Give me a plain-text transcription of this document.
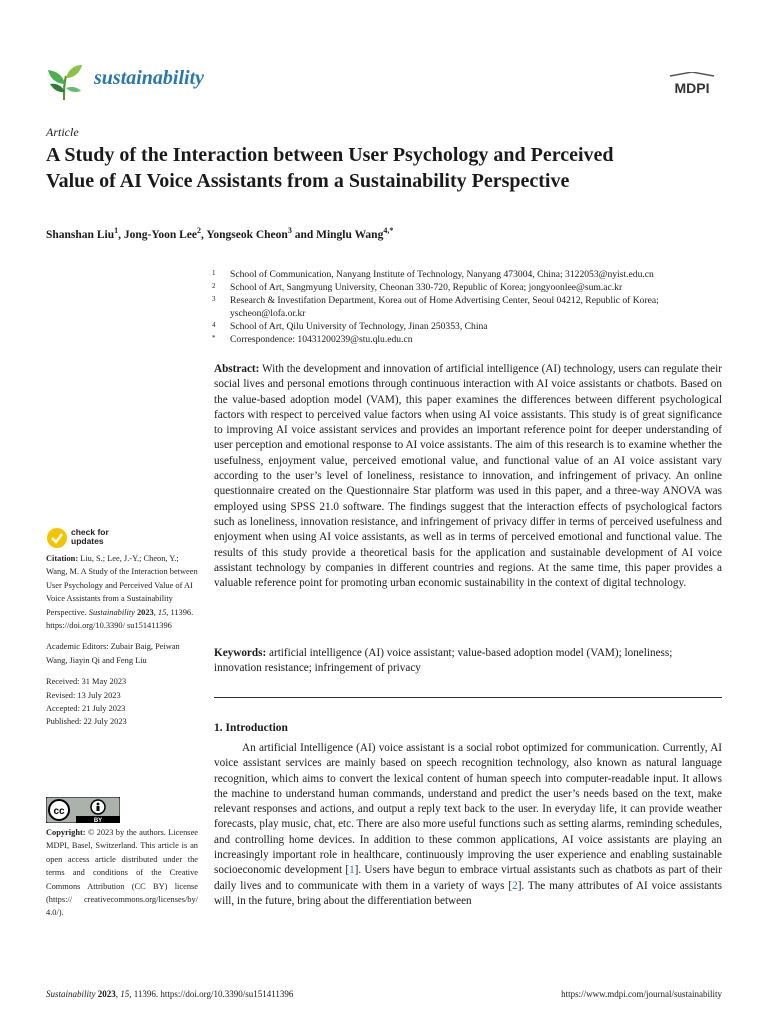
sustainability	MDPI
Article
A Study of the Interaction between User Psychology and Perceived Value of AI Voice Assistants from a Sustainability Perspective
Shanshan Liu$^1$, Jong-Yoon Lee$^2$, Yongseok Cheon$^3$ and Minglu Wang$^{4,*}$
1	School of Communication, Nanyang Institute of Technology, Nanyang 473004, China; 3122053@nyist.edu.cn
2	School of Art, Sangmyung University, Cheonan 330-720, Republic of Korea; jongyoonlee@sum.ac.kr
3	Research & Investifation Department, Korea out of Home Advertising Center, Seoul 04212, Republic of Korea; yscheon@lofa.or.kr
4	School of Art, Qilu University of Technology, Jinan 250353, China
*	Correspondence: 10431200239@stu.qlu.edu.cn
Abstract: With the development and innovation of artificial intelligence (AI) technology, users can regulate their social lives and personal emotions through continuous interaction with AI voice assistants or chatbots. Based on the value-based adoption model (VAM), this paper examines the differences between different psychological factors with respect to perceived value factors when using AI voice assistants. This study is of great significance to improving AI voice assistant services and provides an important reference point for deeper understanding of user perception and emotional response to AI voice assistants. The aim of this research is to examine whether the usefulness, enjoyment value, perceived emotional value, and functional value of an AI voice assistant vary according to the user’s level of loneliness, resistance to innovation, and infringement of privacy. An online questionnaire created on the Questionnaire Star platform was used in this paper, and a three-way ANOVA was employed using SPSS 21.0 software. The findings suggest that the interaction effects of psychological factors such as loneliness, innovation resistance, and infringement of privacy differ in terms of perceived usefulness and enjoyment when using AI voice assistants, as well as in terms of perceived emotional and functional value. The results of this study provide a theoretical basis for the application and sustainable development of AI voice assistant technology by companies in different countries and regions. At the same time, this paper provides a valuable reference point for promoting urban economic sustainability in the context of digital technology.
Keywords: artificial intelligence (AI) voice assistant; value-based adoption model (VAM); loneliness; innovation resistance; infringement of privacy
check for
updates
Citation: Liu, S.; Lee, J.-Y.; Cheon, Y.; Wang, M. A Study of the Interaction between User Psychology and Perceived Value of AI Voice Assistants from a Sustainability Perspective. Sustainability 2023, 15, 11396. https://doi.org/10.3390/ su151411396
Academic Editors: Zubair Baig, Peiwan Wang, Jiayin Qi and Feng Liu
Received: 31 May 2023
Revised: 13 July 2023
Accepted: 21 July 2023
Published: 22 July 2023
cc
BY
Copyright: © 2023 by the authors. Licensee MDPI, Basel, Switzerland. This article is an open access article distributed under the terms and conditions of the Creative Commons Attribution (CC BY) license (https:// creativecommons.org/licenses/by/ 4.0/).
1. Introduction
An artificial Intelligence (AI) voice assistant is a social robot optimized for communication. Currently, AI voice assistant services are mainly based on speech recognition technology, also known as natural language recognition, which aims to convert the lexical content of human speech into computer-readable input. It allows the machine to understand human commands, understand and predict the user’s needs based on the text, make relevant responses and actions, and output a reply text back to the user. In everyday life, it can provide weather forecasts, play music, chat, etc. There are also more useful functions such as setting alarms, reminding schedules, and controlling home devices. In addition to these common applications, AI voice assistants are playing an increasingly important role in healthcare, continuously improving the user experience and enabling sustainable socioeconomic development [1]. Users have begun to embrace virtual assistants such as chatbots as part of their daily lives and to communicate with them in a variety of ways [2]. The many attributes of AI voice assistants will, in the future, bring about the differentiation between
Sustainability 2023, 15, 11396. https://doi.org/10.3390/su151411396	https://www.mdpi.com/journal/sustainability
